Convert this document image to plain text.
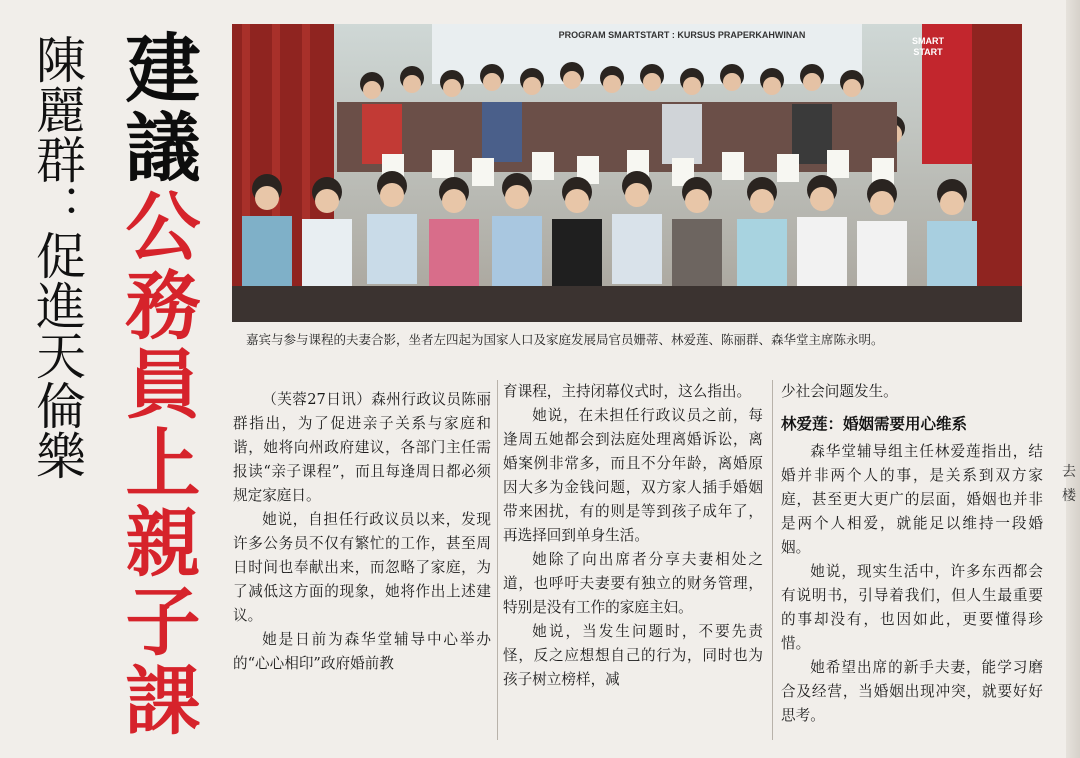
陳
麗
群
：
促
進
天
倫
樂
建
議
公
務
員
上
親
子
課
PROGRAM SMARTSTART : KURSUS PRAPERKAHWINAN
SMART START
嘉宾与参与课程的夫妻合影，坐者左四起为国家人口及家庭发展局官员姗蒂、林爱莲、陈丽群、森华堂主席陈永明。

（芙蓉27日讯）森州行政议员陈丽群指出，为了促进亲子关系与家庭和谐，她将向州政府建议，各部门主任需报读“亲子课程”，而且每逢周日都必须规定家庭日。

她说，自担任行政议员以来，发现许多公务员不仅有繁忙的工作，甚至周日时间也奉献出来，而忽略了家庭，为了减低这方面的现象，她将作出上述建议。

她是日前为森华堂辅导中心举办的“心心相印”政府婚前教

育课程，主持闭幕仪式时，这么指出。

她说，在未担任行政议员之前，每逢周五她都会到法庭处理离婚诉讼，离婚案例非常多，而且不分年龄，离婚原因大多为金钱问题，双方家人插手婚姻带来困扰，有的则是等到孩子成年了，再选择回到单身生活。

她除了向出席者分享夫妻相处之道，也呼吁夫妻要有独立的财务管理，特别是没有工作的家庭主妇。

她说，当发生问题时，不要先责怪，反之应想想自己的行为，同时也为孩子树立榜样，减

少社会问题发生。

林爱莲：婚姻需要用心维系

森华堂辅导组主任林爱莲指出，结婚并非两个人的事，是关系到双方家庭，甚至更大更广的层面，婚姻也并非是两个人相爱，就能足以维持一段婚姻。

她说，现实生活中，许多东西都会有说明书，引导着我们，但人生最重要的事却没有，也因如此，更要懂得珍惜。

她希望出席的新手夫妻，能学习磨合及经营，当婚姻出现冲突，就要好好思考。

去 楼
